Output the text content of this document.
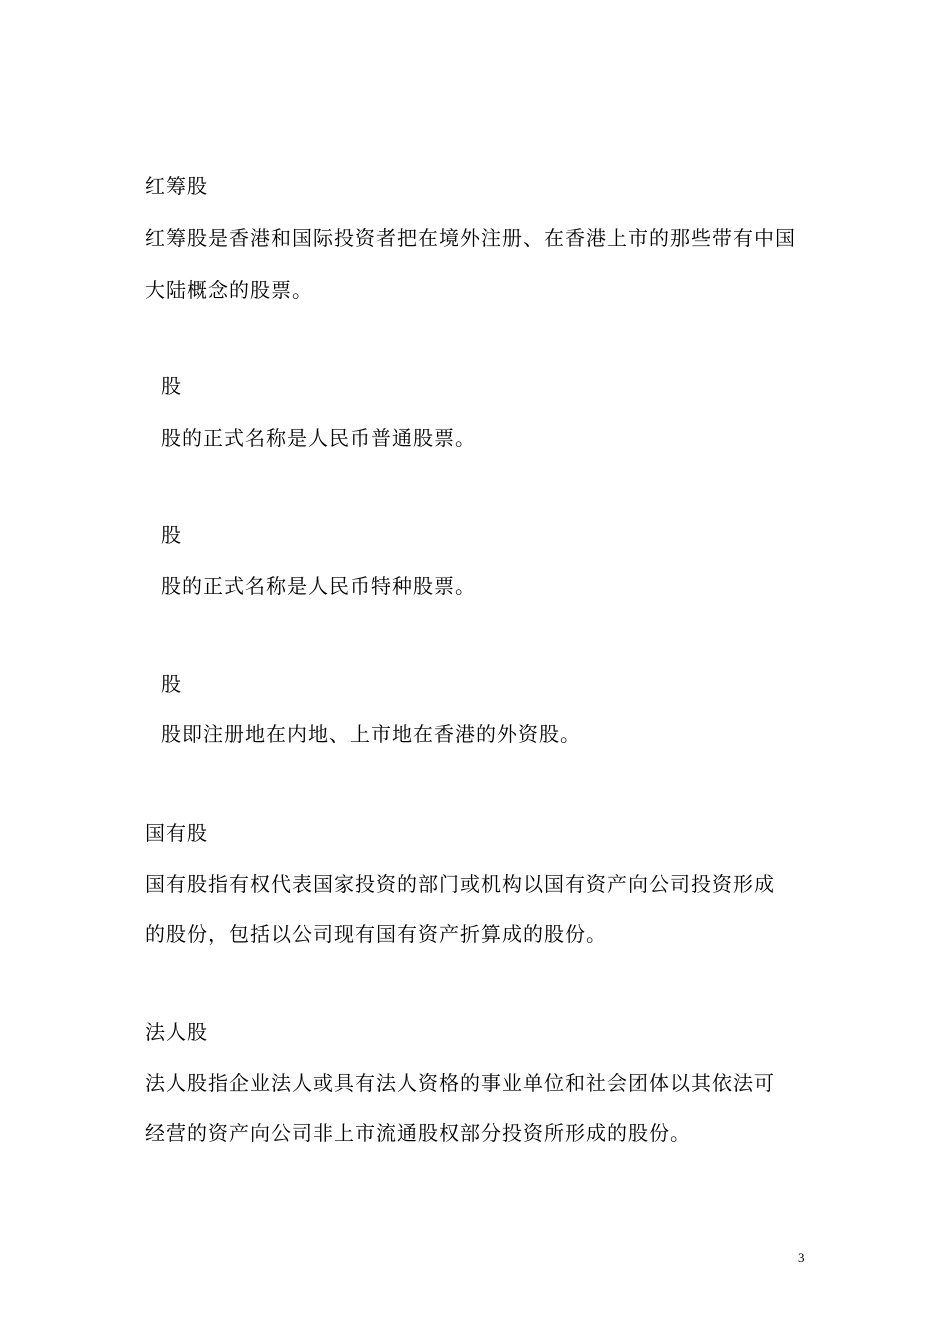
红筹股
红筹股是香港和国际投资者把在境外注册、在香港上市的那些带有中国
大陆概念的股票。
股
股的正式名称是人民币普通股票。
股
股的正式名称是人民币特种股票。
股
股即注册地在内地、上市地在香港的外资股。
国有股
国有股指有权代表国家投资的部门或机构以国有资产向公司投资形成
的股份，包括以公司现有国有资产折算成的股份。
法人股
法人股指企业法人或具有法人资格的事业单位和社会团体以其依法可
经营的资产向公司非上市流通股权部分投资所形成的股份。
3
